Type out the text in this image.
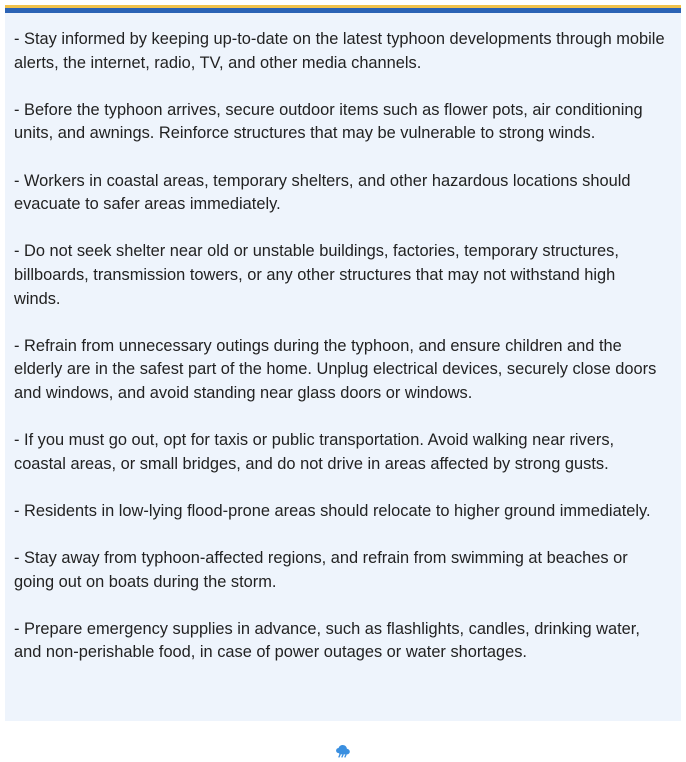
- Stay informed by keeping up-to-date on the latest typhoon developments through mobile alerts, the internet, radio, TV, and other media channels.

- Before the typhoon arrives, secure outdoor items such as flower pots, air conditioning units, and awnings. Reinforce structures that may be vulnerable to strong winds.

- Workers in coastal areas, temporary shelters, and other hazardous locations should evacuate to safer areas immediately.

- Do not seek shelter near old or unstable buildings, factories, temporary structures, billboards, transmission towers, or any other structures that may not withstand high winds.

- Refrain from unnecessary outings during the typhoon, and ensure children and the elderly are in the safest part of the home. Unplug electrical devices, securely close doors and windows, and avoid standing near glass doors or windows.

- If you must go out, opt for taxis or public transportation. Avoid walking near rivers, coastal areas, or small bridges, and do not drive in areas affected by strong gusts.

- Residents in low-lying flood-prone areas should relocate to higher ground immediately.

- Stay away from typhoon-affected regions, and refrain from swimming at beaches or going out on boats during the storm.

- Prepare emergency supplies in advance, such as flashlights, candles, drinking water, and non-perishable food, in case of power outages or water shortages.
